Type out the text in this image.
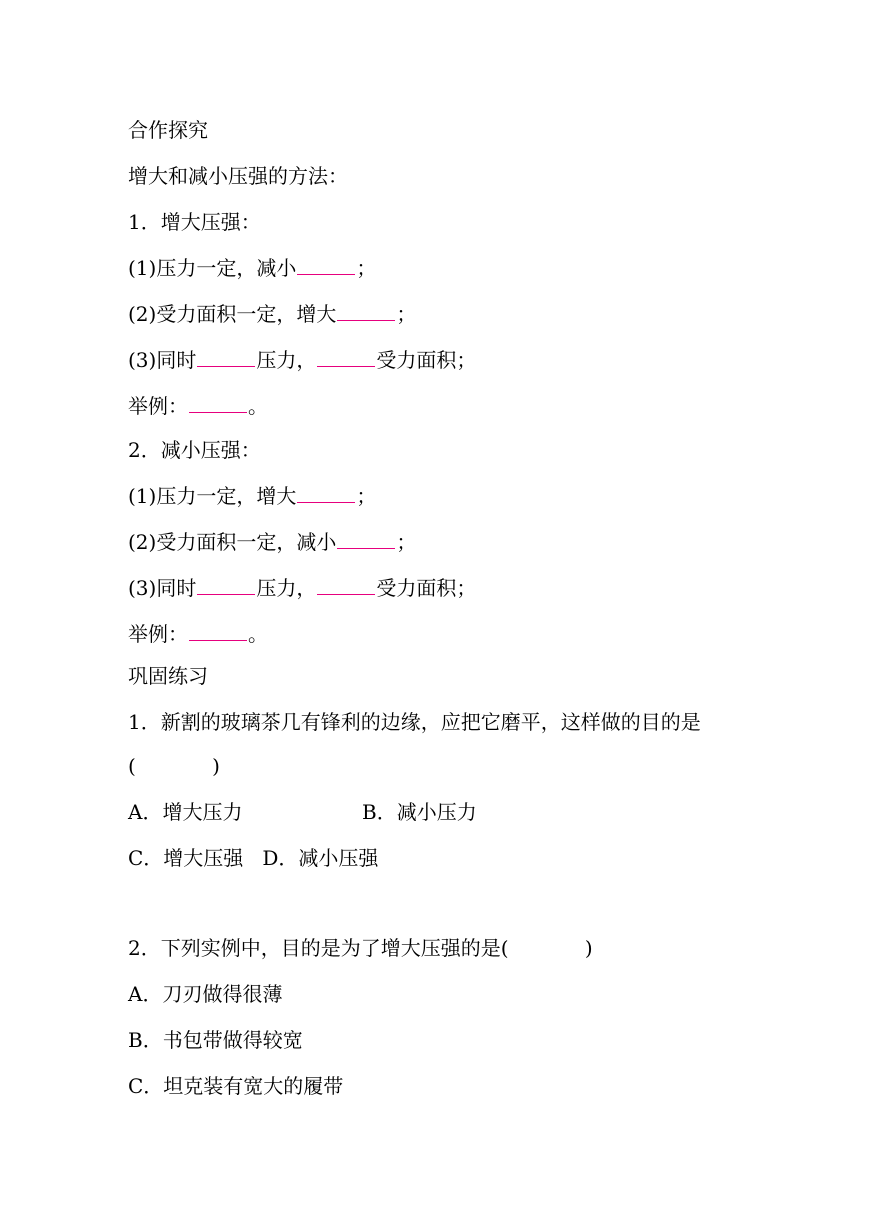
合作探究
增大和减小压强的方法：
1．增大压强：
(1)压力一定，减小	；
(2)受力面积一定，增大	；
(3)同时	压力，	受力面积；
举例：	。
2．减小压强：
(1)压力一定，增大	；
(2)受力面积一定，减小	；
(3)同时	压力，	受力面积；
举例：	。
巩固练习
1．新割的玻璃茶几有锋利的边缘，应把它磨平，这样做的目的是
(            )
A．增大压力	B．减小压力
C．增大压强   D．减小压强
2．下列实例中，目的是为了增大压强的是(            )
A．刀刃做得很薄
B．书包带做得较宽
C．坦克装有宽大的履带
